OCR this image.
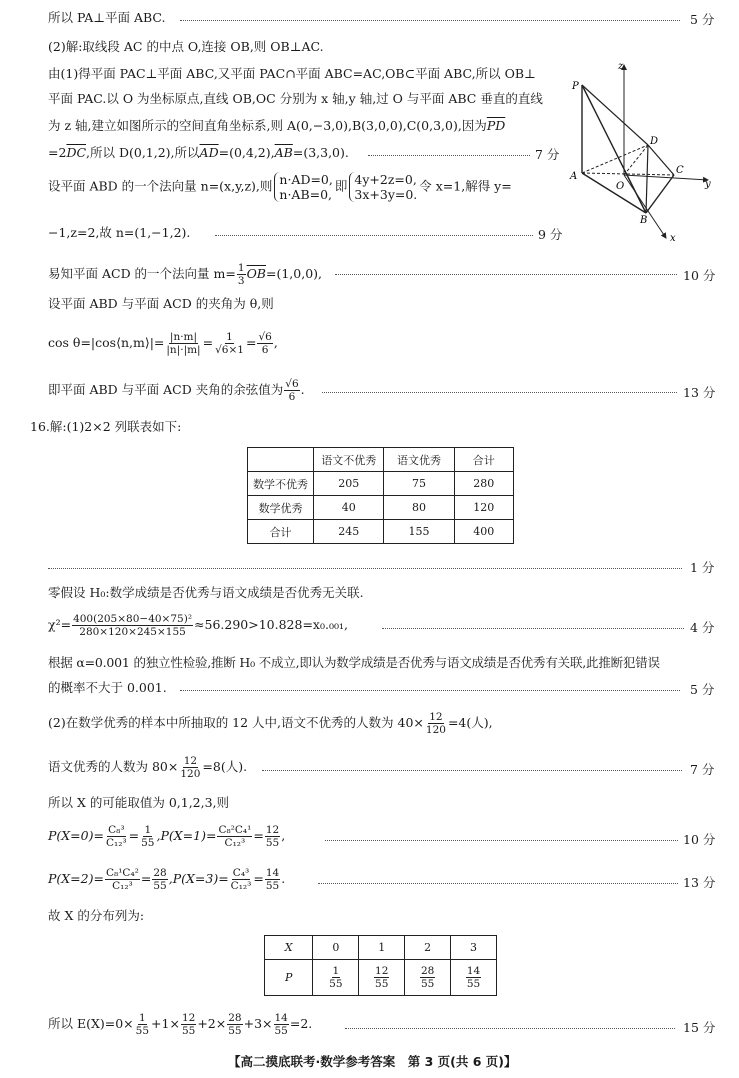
所以 PA⊥平面 ABC.	5 分
(2)解:取线段 AC 的中点 O,连接 OB,则 OB⊥AC.
由(1)得平面 PAC⊥平面 ABC,又平面 PAC∩平面 ABC=AC,OB⊂平面 ABC,所以 OB⊥
平面 PAC.以 O 为坐标原点,直线 OB,OC 分别为 x 轴,y 轴,过 O 与平面 ABC 垂直的直线
为 z 轴,建立如图所示的空间直角坐标系,则 A(0,−3,0),B(3,0,0),C(0,3,0),因为$\overline{PD}$
$=2\overline{DC}$,所以 D(0,1,2),所以$\overline{AD}=(0,4,2),\overline{AB}=(3,3,0)$.	7 分
设平面 ABD 的一个法向量 n=(x,y,z),则 n·AD=0,
n·AB=0,
即 4y+2z=0,
3x+3y=0.
令 x=1,解得 y=
−1,z=2,故 n=(1,−1,2).	9 分
P
z
D
A
O
C
y
B
x
易知平面 ACD 的一个法向量 $m= \frac{1}{3} \overline{OB}=(1,0,0)$,	10 分
设平面 ABD 与平面 ACD 的夹角为 θ,则
cos θ=|cos⟨n,m⟩|= $\frac{|n\cdot m|}{|n|\cdot|m|} = \frac{1}{√6\times 1} = \frac{√6}{6}$ ,
即平面 ABD 与平面 ACD 夹角的余弦值为 $\frac{√6}{6}$ .	13 分
16.解:(1)2×2 列联表如下:
	语文不优秀	语文优秀	合计
数学不优秀	205	75	280
数学优秀	40	80	120
合计	245	155	400
1 分
零假设 H₀:数学成绩是否优秀与语文成绩是否优秀无关联.
$\chi^2= \frac{\text{400(205×80−40×75)²}}{280\times 120\times 245\times 155} \approx 56.290>10.828=x_0._{001}$,	4 分
根据 α=0.001 的独立性检验,推断 H₀ 不成立,即认为数学成绩是否优秀与语文成绩是否优秀有关联,此推断犯错误
的概率不大于 0.001.	5 分
(2)在数学优秀的样本中所抽取的 12 人中,语文不优秀的人数为 $40\times \frac{12}{120} =4$(人),
语文优秀的人数为 $80\times \frac{12}{120} =8$(人).	7 分
所以 X 的可能取值为 0,1,2,3,则
$P(X=0)= \frac{\text{C₈³}}{\text{C₁₂³}} = \frac{1}{55} ,P(X=1)= \frac{\text{C₈²C₄¹}}{\text{C₁₂³}} = \frac{12}{55}$ ,	10 分
$P(X=2)= \frac{\text{C₈¹C₄²}}{\text{C₁₂³}} = \frac{28}{55} ,P(X=3)= \frac{\text{C₄³}}{\text{C₁₂³}} = \frac{14}{55}$ .	13 分
故 X 的分布列为:
X	0	1	2	3
P	$\frac{1}{55}$	$\frac{12}{55}$	$\frac{28}{55}$	$\frac{14}{55}$
所以 $E(X)=0\times \frac{1}{55} +1\times \frac{12}{55} +2\times \frac{28}{55} +3\times \frac{14}{55} =2$.	15 分
【高二摸底联考·数学参考答案　第 3 页(共 6 页)】
